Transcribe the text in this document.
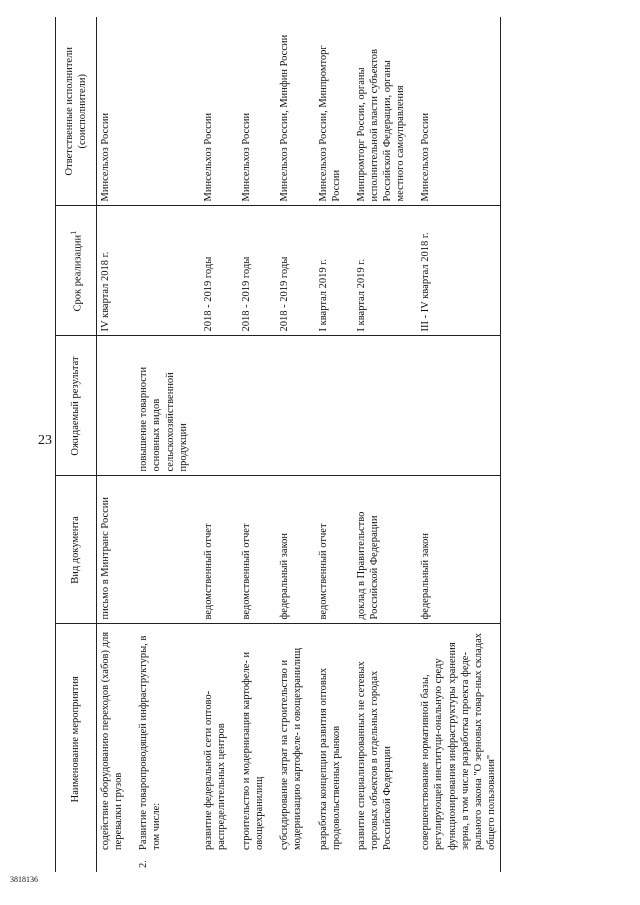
23
3818136
	Наименование мероприятия	Вид документа	Ожидаемый результат	Срок реализации$^1$	Ответственные исполнители (соисполнители)
	содействие оборудованию переходов (хабов) для перевалки грузов	письмо в Минтранс России		IV квартал 2018 г.	Минсельхоз России
2.	Развитие товаропроводящей инфраструктуры, в том числе:		повышение товарности основных видов сельскохозяйственной продукции		
	развитие федеральной сети оптово-распределительных центров	ведомственный отчет		2018 - 2019 годы	Минсельхоз России
	строительство и модернизация картофеле- и овощехранилищ	ведомственный отчет		2018 - 2019 годы	Минсельхоз России
	субсидирование затрат на строительство и модернизацию картофеле- и овощехранилищ	федеральный закон		2018 - 2019 годы	Минсельхоз России, Минфин России
	разработка концепции развития оптовых продовольственных рынков	ведомственный отчет		I квартал 2019 г.	Минсельхоз России, Минпромторг России
	развитие специализированных не сетевых торговых объектов в отдельных городах Российской Федерации	доклад в Правительство Российской Федерации		I квартал 2019 г.	Минпромторг России, органы исполнительной власти субъектов Российской Федерации, органы местного самоуправления
	совершенствование нормативной базы, регулирующей институци-ональную среду функционирования инфраструктуры хранения зерна, в том числе разработка проекта феде-рального закона "О зерновых товар-ных складах общего пользования"	федеральный закон		III - IV квартал 2018 г.	Минсельхоз России
